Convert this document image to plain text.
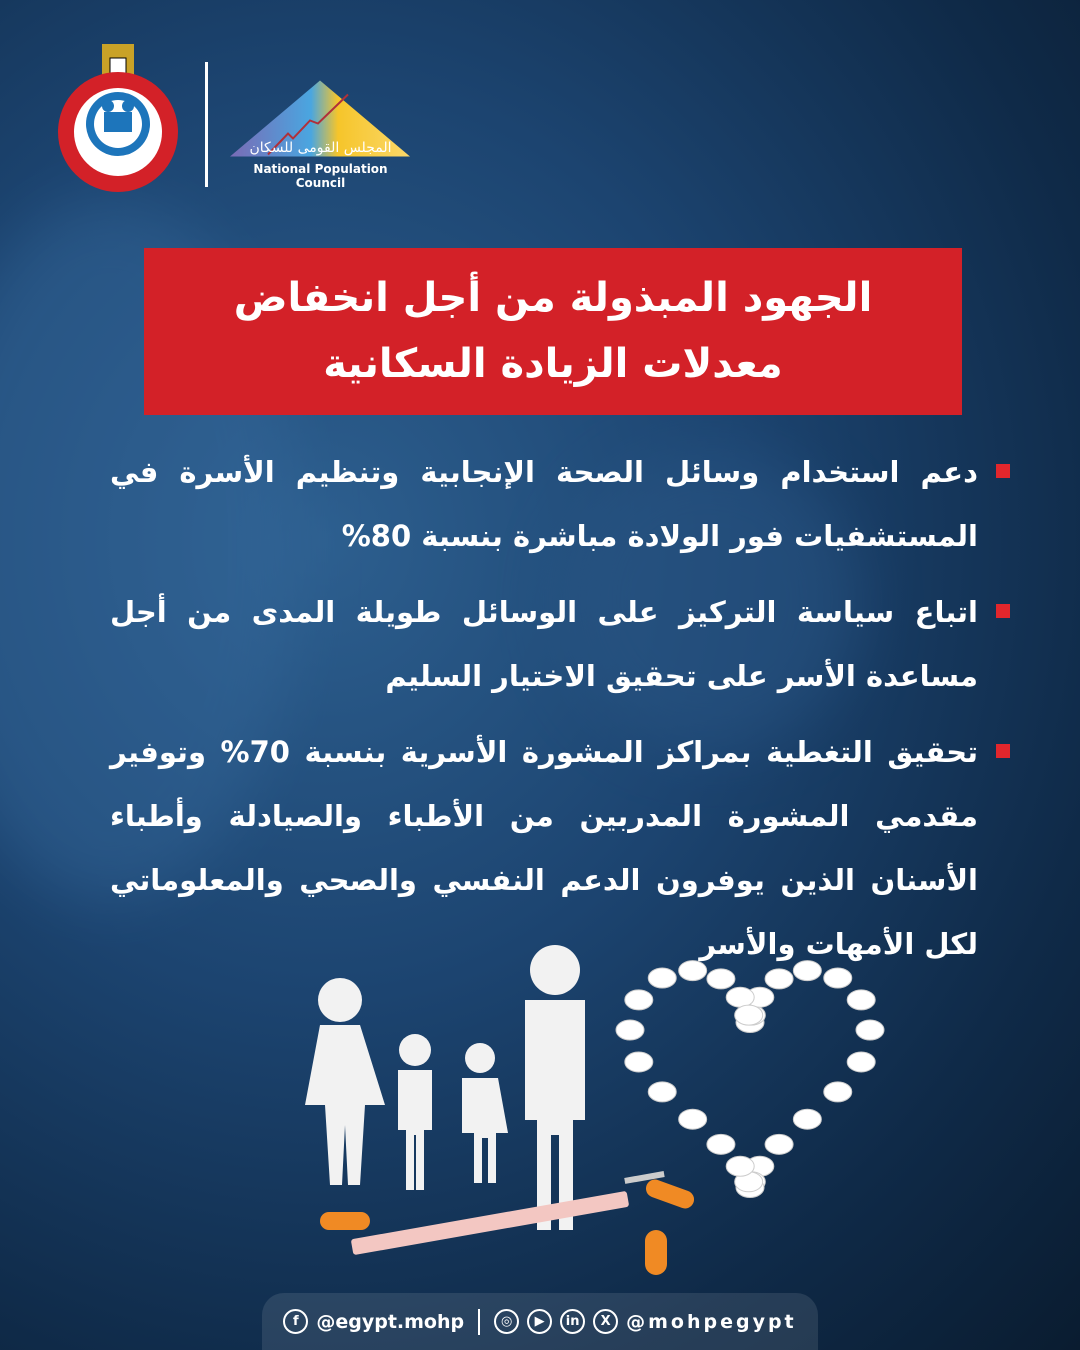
المجلس القومى للسكان
National Population Council
الجهود المبذولة من أجل انخفاض
معدلات الزيادة السكانية
دعم استخدام وسائل الصحة الإنجابية وتنظيم الأسرة في المستشفيات فور الولادة مباشرة بنسبة 80%
اتباع سياسة التركيز على الوسائل طويلة المدى من أجل مساعدة الأسر على تحقيق الاختيار السليم
تحقيق التغطية بمراكز المشورة الأسرية بنسبة 70% وتوفير مقدمي المشورة المدربين من الأطباء والصيادلة وأطباء الأسنان الذين يوفرون الدعم النفسي والصحي والمعلوماتي لكل الأمهات والأسر
f @egypt.mohp	◎	▶	in	X @mohpegypt
